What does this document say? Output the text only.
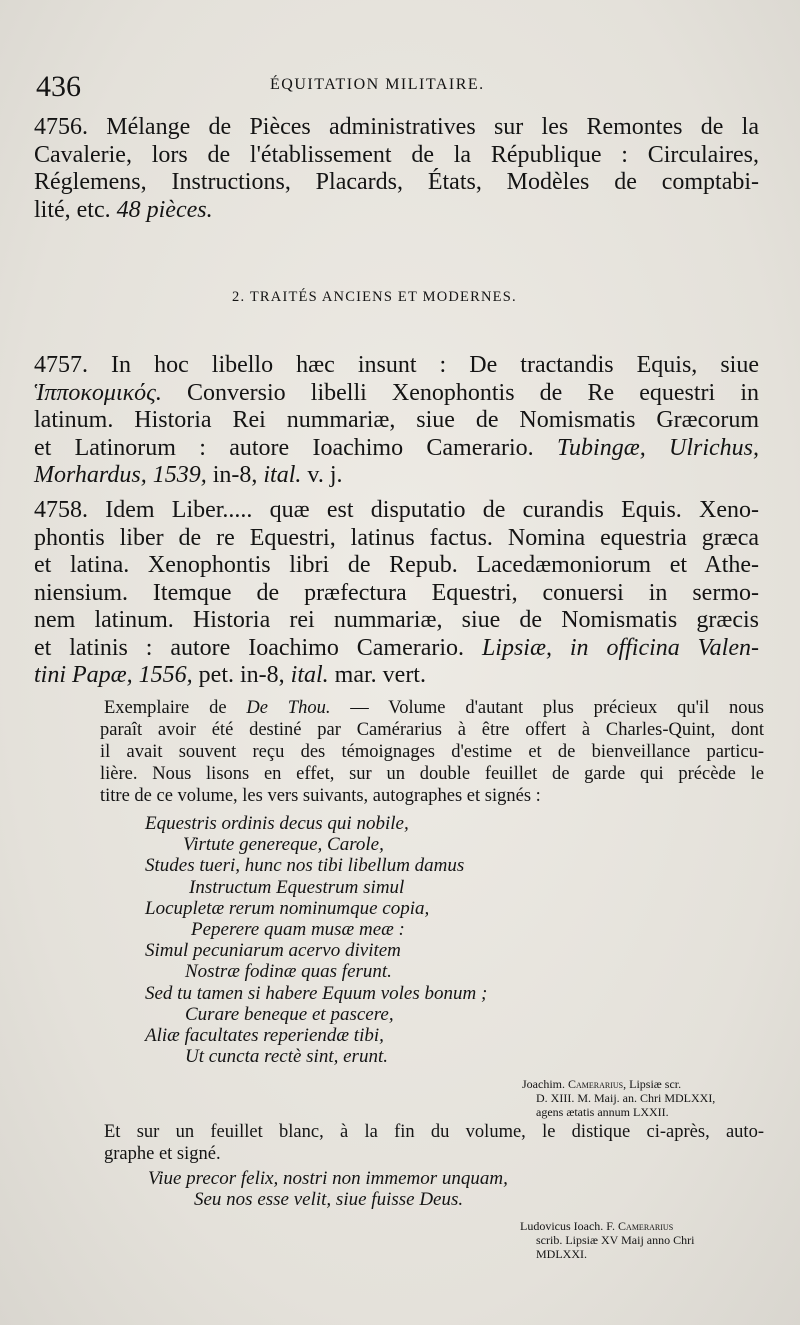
436	ÉQUITATION MILITAIRE.
4756. Mélange de Pièces administratives sur les Remontes de la
Cavalerie, lors de l'établissement de la République : Circulaires,
Réglemens, Instructions, Placards, États, Modèles de comptabi-
lité, etc. 48 pièces.
2. TRAITÉS ANCIENS ET MODERNES.
4757. In hoc libello hæc insunt : De tractandis Equis, siue
Ἱπποκομικός. Conversio libelli Xenophontis de Re equestri in
latinum. Historia Rei nummariæ, siue de Nomismatis Græcorum
et Latinorum : autore Ioachimo Camerario. Tubingæ, Ulrichus,
Morhardus, 1539, in-8, ital. v. j.
4758. Idem Liber..... quæ est disputatio de curandis Equis. Xeno-
phontis liber de re Equestri, latinus factus. Nomina equestria græca
et latina. Xenophontis libri de Repub. Lacedæmoniorum et Athe-
niensium. Itemque de præfectura Equestri, conuersi in sermo-
nem latinum. Historia rei nummariæ, siue de Nomismatis græcis
et latinis : autore Ioachimo Camerario. Lipsiæ, in officina Valen-
tini Papæ, 1556, pet. in-8, ital. mar. vert.
Exemplaire de De Thou. — Volume d'autant plus précieux qu'il nous
paraît avoir été destiné par Camérarius à être offert à Charles-Quint, dont
il avait souvent reçu des témoignages d'estime et de bienveillance particu-
lière. Nous lisons en effet, sur un double feuillet de garde qui précède le
titre de ce volume, les vers suivants, autographes et signés :
Equestris ordinis decus qui nobile,
Virtute genereque, Carole,
Studes tueri, hunc nos tibi libellum damus
Instructum Equestrum simul
Locupletæ rerum nominumque copia,
Peperere quam musæ meæ :
Simul pecuniarum acervo divitem
Nostræ fodinæ quas ferunt.
Sed tu tamen si habere Equum voles bonum ;
Curare beneque et pascere,
Aliæ facultates reperiendæ tibi,
Ut cuncta rectè sint, erunt.
Joachim. Camerarius, Lipsiæ scr.
D. XIII. M. Maij. an. Chri MDLXXI,
agens ætatis annum LXXII.
Et sur un feuillet blanc, à la fin du volume, le distique ci-après, auto-
graphe et signé.
Viue precor felix, nostri non immemor unquam,
Seu nos esse velit, siue fuisse Deus.
Ludovicus Ioach. F. Camerarius
scrib. Lipsiæ XV Maij anno Chri
MDLXXI.
